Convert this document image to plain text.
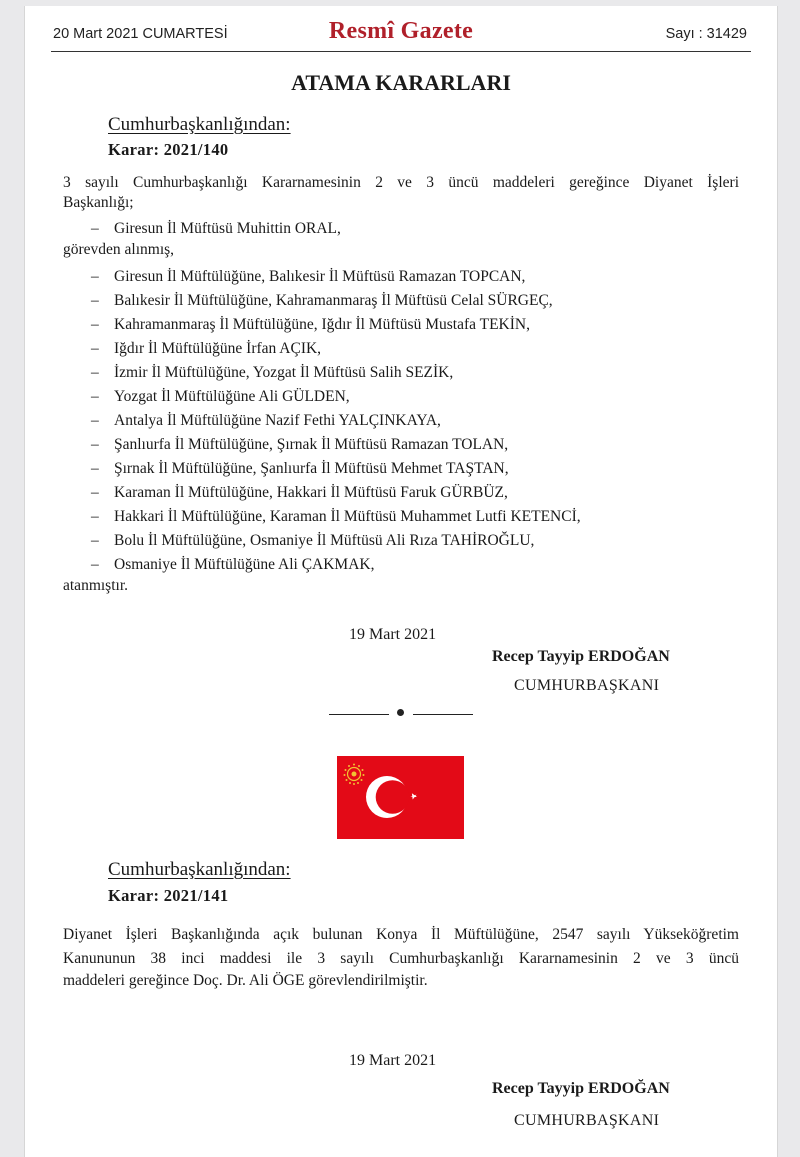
20 Mart 2021 CUMARTESİ	Resmî Gazete	Sayı : 31429
ATAMA KARARLARI
Cumhurbaşkanlığından:
Karar: 2021/140
3 sayılı Cumhurbaşkanlığı Kararnamesinin 2 ve 3 üncü maddeleri gereğince Diyanet İşleri
Başkanlığı;
– Giresun İl Müftüsü Muhittin ORAL,
görevden alınmış,
– Giresun İl Müftülüğüne, Balıkesir İl Müftüsü Ramazan TOPCAN,
– Balıkesir İl Müftülüğüne, Kahramanmaraş İl Müftüsü Celal SÜRGEÇ,
– Kahramanmaraş İl Müftülüğüne, Iğdır İl Müftüsü Mustafa TEKİN,
– Iğdır İl Müftülüğüne İrfan AÇIK,
– İzmir İl Müftülüğüne, Yozgat İl Müftüsü Salih SEZİK,
– Yozgat İl Müftülüğüne Ali GÜLDEN,
– Antalya İl Müftülüğüne Nazif Fethi YALÇINKAYA,
– Şanlıurfa İl Müftülüğüne, Şırnak İl Müftüsü Ramazan TOLAN,
– Şırnak İl Müftülüğüne, Şanlıurfa İl Müftüsü Mehmet TAŞTAN,
– Karaman İl Müftülüğüne, Hakkari İl Müftüsü Faruk GÜRBÜZ,
– Hakkari İl Müftülüğüne, Karaman İl Müftüsü Muhammet Lutfi KETENCİ,
– Bolu İl Müftülüğüne, Osmaniye İl Müftüsü Ali Rıza TAHİROĞLU,
– Osmaniye İl Müftülüğüne Ali ÇAKMAK,
atanmıştır.
19 Mart 2021
Recep Tayyip ERDOĞAN
CUMHURBAŞKANI
Cumhurbaşkanlığından:
Karar: 2021/141
Diyanet İşleri Başkanlığında açık bulunan Konya İl Müftülüğüne, 2547 sayılı Yükseköğretim
Kanununun 38 inci maddesi ile 3 sayılı Cumhurbaşkanlığı Kararnamesinin 2 ve 3 üncü
maddeleri gereğince Doç. Dr. Ali ÖGE görevlendirilmiştir.
19 Mart 2021
Recep Tayyip ERDOĞAN
CUMHURBAŞKANI
